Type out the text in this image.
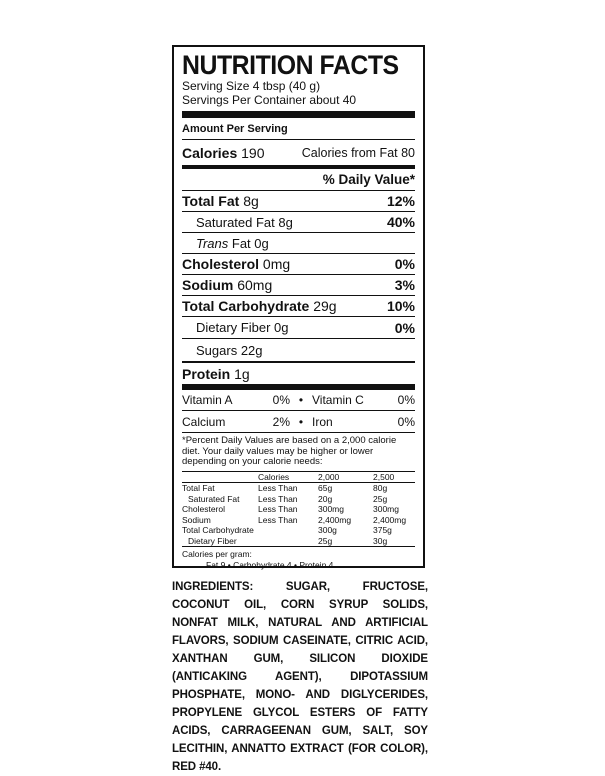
NUTRITION FACTS
Serving Size 4 tbsp (40 g)
Servings Per Container about 40
Amount Per Serving
Calories 190	Calories from Fat 80
% Daily Value*
Total Fat 8g	12%
Saturated Fat 8g	40%
Trans Fat 0g
Cholesterol 0mg	0%
Sodium 60mg	3%
Total Carbohydrate 29g	10%
Dietary Fiber 0g	0%
Sugars 22g
Protein 1g
Vitamin A	0% • Vitamin C	0%
Calcium	2% • Iron	0%
*Percent Daily Values are based on a 2,000 calorie diet. Your daily values may be higher or lower depending on your calorie needs:
	Calories	2,000	2,500
Total Fat	Less Than	65g	80g
Saturated Fat	Less Than	20g	25g
Cholesterol	Less Than	300mg	300mg
Sodium	Less Than	2,400mg	2,400mg
Total Carbohydrate		300g	375g
Dietary Fiber		25g	30g
Calories per gram:
Fat 9 • Carbohydrate 4 • Protein 4
INGREDIENTS: SUGAR, FRUCTOSE, COCONUT OIL, CORN SYRUP SOLIDS, NONFAT MILK, NATURAL AND ARTIFICIAL FLAVORS, SODIUM CASEINATE, CITRIC ACID, XANTHAN GUM, SILICON DIOXIDE (ANTICAKING AGENT), DIPOTASSIUM PHOSPHATE, MONO- AND DIGLYCERIDES, PROPYLENE GLYCOL ESTERS OF FATTY ACIDS, CARRAGEENAN GUM, SALT, SOY LECITHIN, ANNATTO EXTRACT (FOR COLOR), RED #40.
